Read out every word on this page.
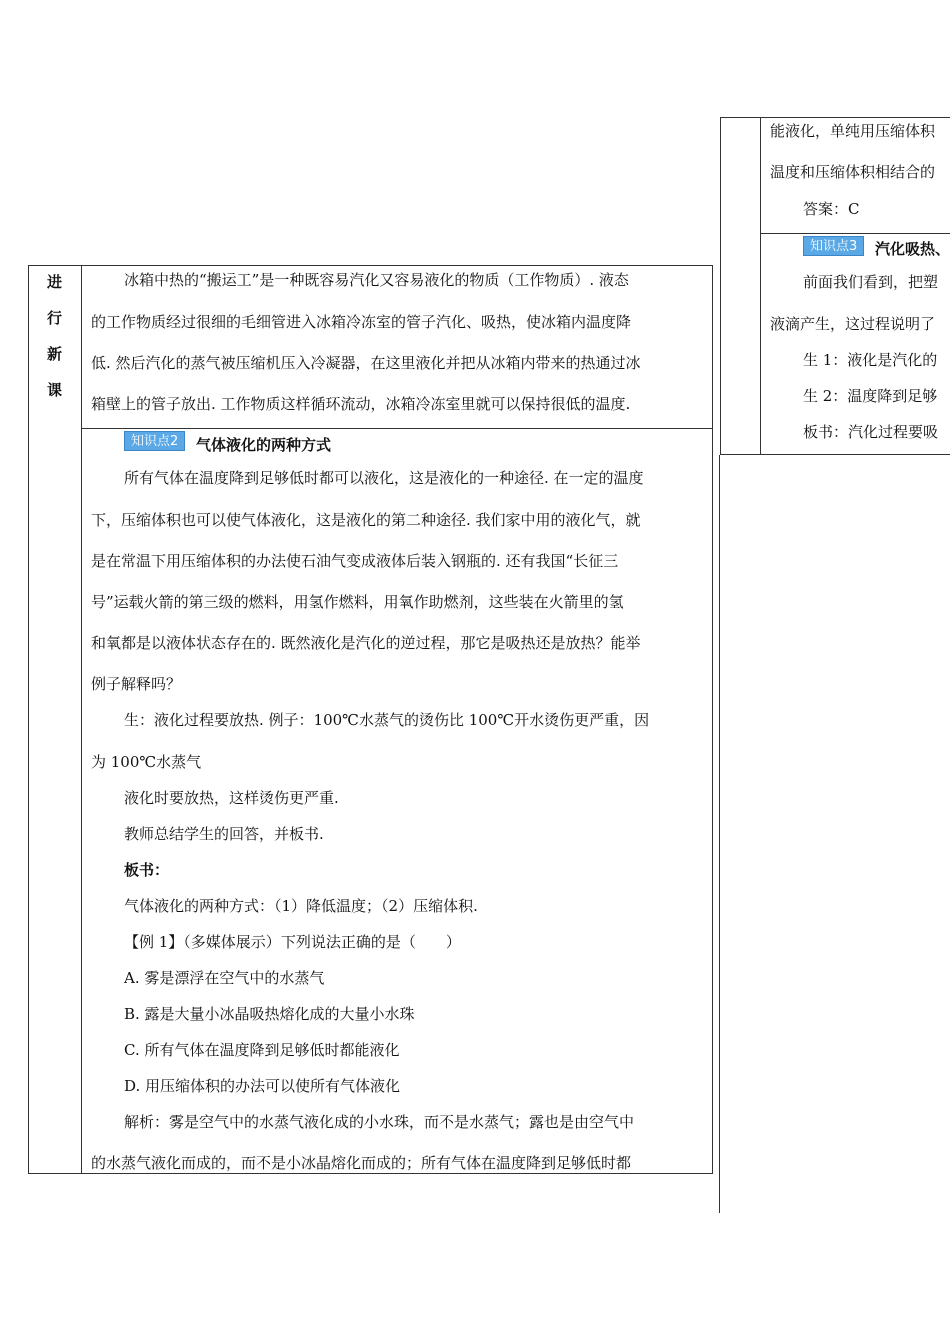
能液化，单纯用压缩体积
温度和压缩体积相结合的
答案：C
知识点3	汽化吸热、
前面我们看到，把塑
液滴产生，这过程说明了
生 1：液化是汽化的
生 2：温度降到足够
板书：汽化过程要吸
进
行
新
课
冰箱中热的“搬运工”是一种既容易汽化又容易液化的物质（工作物质）. 液态
的工作物质经过很细的毛细管进入冰箱冷冻室的管子汽化、吸热，使冰箱内温度降
低. 然后汽化的蒸气被压缩机压入冷凝器，在这里液化并把从冰箱内带来的热通过冰
箱壁上的管子放出. 工作物质这样循环流动，冰箱冷冻室里就可以保持很低的温度.
知识点2	气体液化的两种方式
所有气体在温度降到足够低时都可以液化，这是液化的一种途径. 在一定的温度
下，压缩体积也可以使气体液化，这是液化的第二种途径. 我们家中用的液化气，就
是在常温下用压缩体积的办法使石油气变成液体后装入钢瓶的. 还有我国“长征三
号”运载火箭的第三级的燃料，用氢作燃料，用氧作助燃剂，这些装在火箭里的氢
和氧都是以液体状态存在的. 既然液化是汽化的逆过程，那它是吸热还是放热？能举
例子解释吗？
生：液化过程要放热. 例子：100℃水蒸气的烫伤比 100℃开水烫伤更严重，因
为 100℃水蒸气
液化时要放热，这样烫伤更严重.
教师总结学生的回答，并板书.
板书：
气体液化的两种方式：（1）降低温度；（2）压缩体积.
【例 1】（多媒体展示）下列说法正确的是（　　）
A. 雾是漂浮在空气中的水蒸气
B. 露是大量小冰晶吸热熔化成的大量小水珠
C. 所有气体在温度降到足够低时都能液化
D. 用压缩体积的办法可以使所有气体液化
解析：雾是空气中的水蒸气液化成的小水珠，而不是水蒸气；露也是由空气中
的水蒸气液化而成的，而不是小冰晶熔化而成的；所有气体在温度降到足够低时都
